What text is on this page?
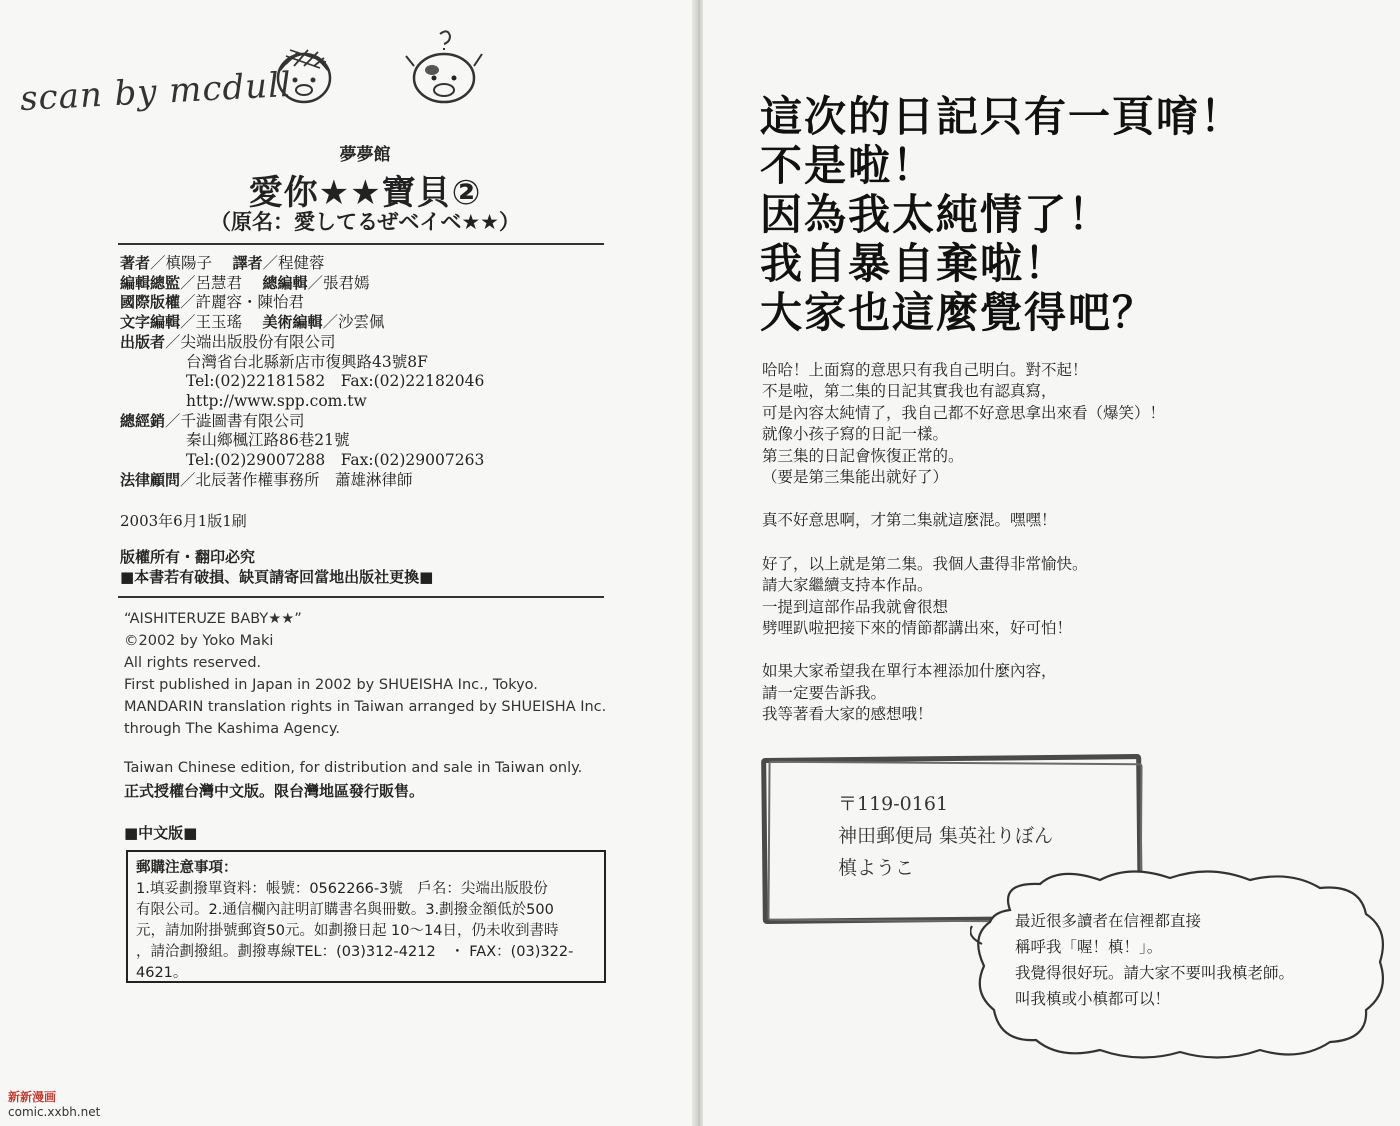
scan by mcdull
夢夢館
愛你★★寶貝②
（原名：愛してるぜベイベ★★）
著者／槙陽子 　 譯者／程健蓉
編輯總監／呂慧君 　 總編輯／張君嫣
國際版權／許麗容・陳怡君
文字編輯／王玉瑤 　 美術編輯／沙雲佩
出版者／尖端出版股份有限公司
台灣省台北縣新店市復興路43號8F
Tel:(02)22181582　Fax:(02)22182046
http://www.spp.com.tw
總經銷／千澁圖書有限公司
秦山鄉楓江路86巷21號
Tel:(02)29007288　Fax:(02)29007263
法律顧問／北辰著作權事務所　蕭雄淋律師
2003年6月1版1刷
版權所有・翻印必究
■本書若有破損、缺頁請寄回當地出版社更換■
“AISHITERUZE BABY★★”
©2002 by Yoko Maki
All rights reserved.
First published in Japan in 2002 by SHUEISHA Inc., Tokyo.
MANDARIN translation rights in Taiwan arranged by SHUEISHA Inc.
through The Kashima Agency.
Taiwan Chinese edition, for distribution and sale in Taiwan only.
正式授權台灣中文版。限台灣地區發行販售。
■中文版■
郵購注意事項：
1.填妥劃撥單資料：帳號：0562266-3號　戶名：尖端出版股份
有限公司。2.通信欄內註明訂購書名與冊數。3.劃撥金額低於500
元，請加附掛號郵資50元。如劃撥日起 10～14日，仍未收到書時
，請洽劃撥組。劃撥專線TEL：(03)312-4212　・ FAX：(03)322-
4621。
新新漫画
comic.xxbh.net
這次的日記只有一頁唷！
不是啦！
因為我太純情了！
我自暴自棄啦！
大家也這麼覺得吧？
哈哈！上面寫的意思只有我自己明白。對不起！
不是啦，第二集的日記其實我也有認真寫，
可是內容太純情了，我自己都不好意思拿出來看（爆笑）！
就像小孩子寫的日記一樣。
第三集的日記會恢復正常的。
（要是第三集能出就好了）
真不好意思啊，才第二集就這麼混。嘿嘿！
好了，以上就是第二集。我個人畫得非常愉快。
請大家繼續支持本作品。
一提到這部作品我就會很想
劈哩趴啦把接下來的情節都講出來，好可怕！
如果大家希望我在單行本裡添加什麼內容，
請一定要告訴我。
我等著看大家的感想哦！
〒119-0161
神田郵便局 集英社りぼん
槙ようこ
最近很多讀者在信裡都直接
稱呼我「喔！槙！」。
我覺得很好玩。請大家不要叫我槙老師。
叫我槙或小槙都可以！
